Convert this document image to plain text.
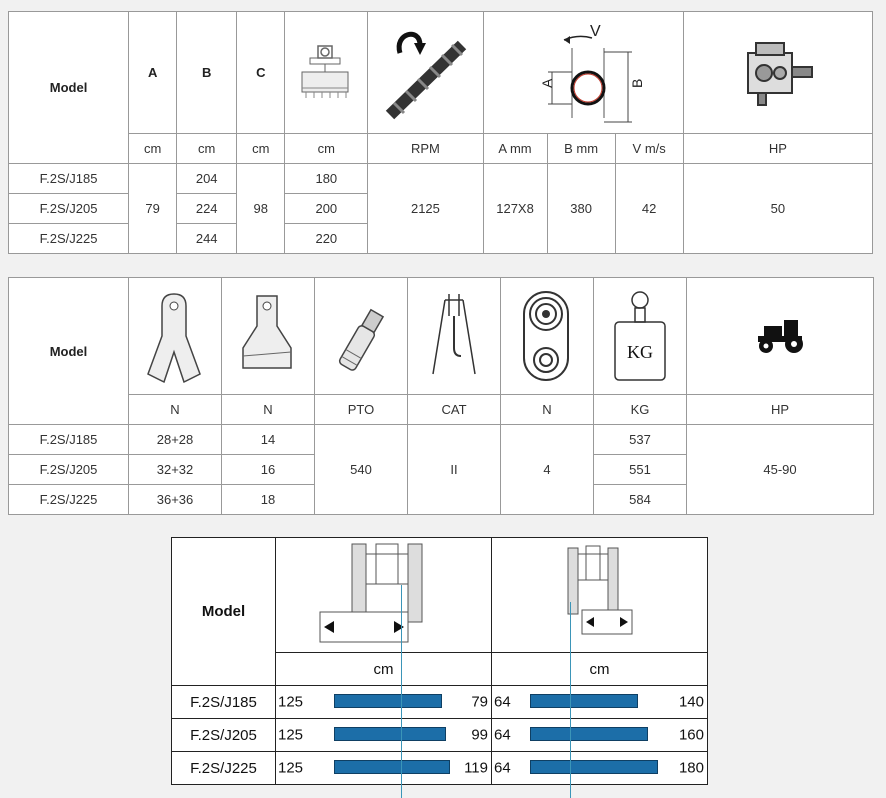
Model	A	B	C			V
A B

	cm	cm	cm	cm	RPM	A mm	B mm	V m/s	HP
F.2S/J185	79	204	98	180	2125	127X8	380	42	50
F.2S/J205		224		200					
F.2S/J225		244		220					
Model						KG

	N	N	PTO	CAT	N	KG	HP
F.2S/J185	28+28	14	540	II	4	537	45-90
F.2S/J205	32+32	16				551	
F.2S/J225	36+36	18				584	
Model	

	cm	cm
F.2S/J185	125 79	64 140

F.2S/J205	125 99	64 160

F.2S/J225	125 119	64 180
